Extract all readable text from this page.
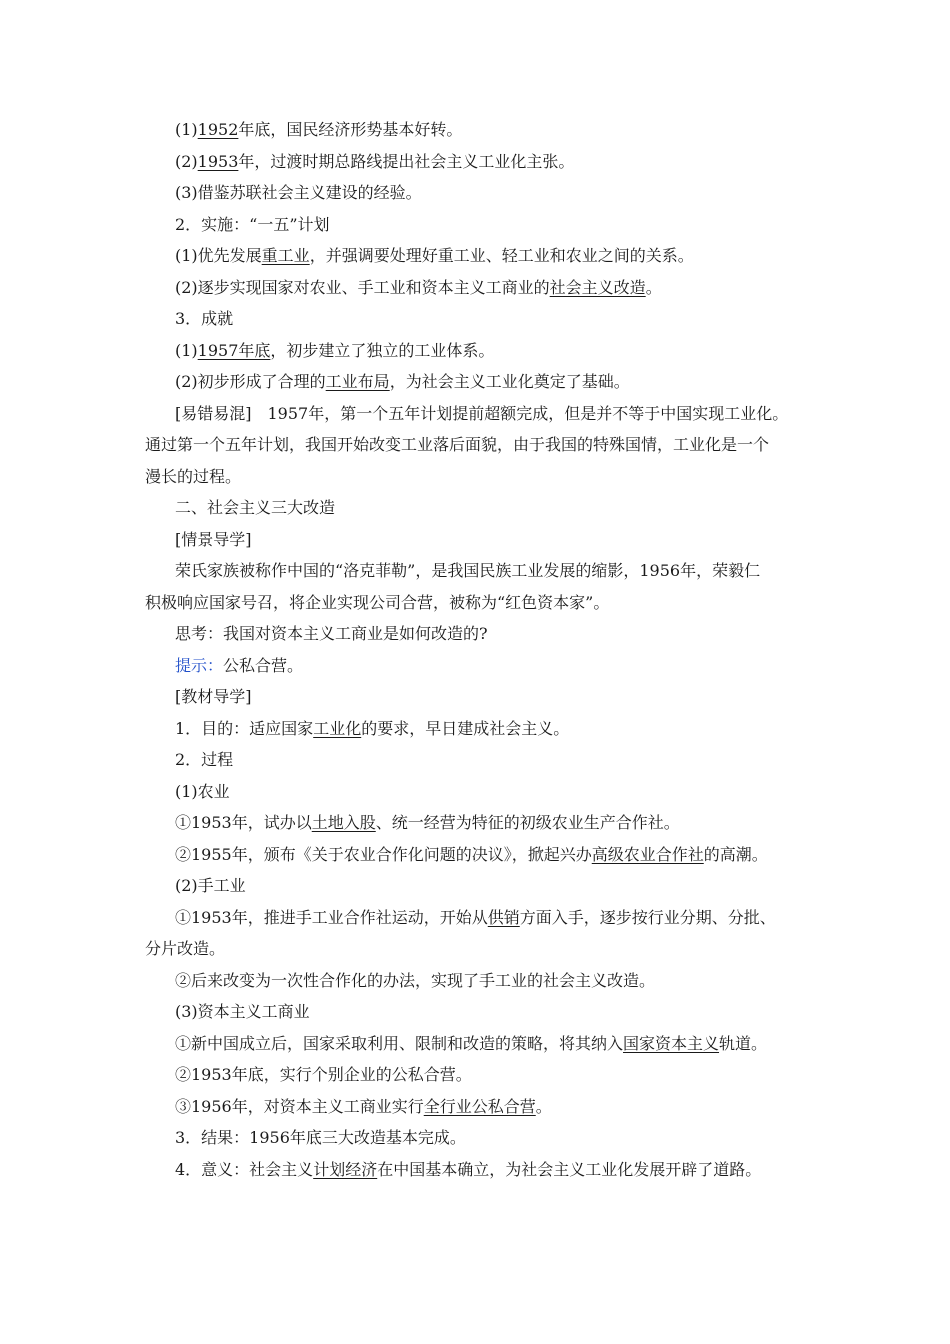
(1)1952年底，国民经济形势基本好转。
(2)1953年，过渡时期总路线提出社会主义工业化主张。
(3)借鉴苏联社会主义建设的经验。
2．实施：“一五”计划
(1)优先发展重工业，并强调要处理好重工业、轻工业和农业之间的关系。
(2)逐步实现国家对农业、手工业和资本主义工商业的社会主义改造。
3．成就
(1)1957年底，初步建立了独立的工业体系。
(2)初步形成了合理的工业布局，为社会主义工业化奠定了基础。
[易错易混]　1957年，第一个五年计划提前超额完成，但是并不等于中国实现工业化。
通过第一个五年计划，我国开始改变工业落后面貌，由于我国的特殊国情，工业化是一个
漫长的过程。
二、社会主义三大改造
[情景导学]
荣氏家族被称作中国的“洛克菲勒”，是我国民族工业发展的缩影，1956年，荣毅仁
积极响应国家号召，将企业实现公司合营，被称为“红色资本家”。
思考：我国对资本主义工商业是如何改造的?
提示：公私合营。
[教材导学]
1．目的：适应国家工业化的要求，早日建成社会主义。
2．过程
(1)农业
①1953年，试办以土地入股、统一经营为特征的初级农业生产合作社。
②1955年，颁布《关于农业合作化问题的决议》，掀起兴办高级农业合作社的高潮。
(2)手工业
①1953年，推进手工业合作社运动，开始从供销方面入手，逐步按行业分期、分批、
分片改造。
②后来改变为一次性合作化的办法，实现了手工业的社会主义改造。
(3)资本主义工商业
①新中国成立后，国家采取利用、限制和改造的策略，将其纳入国家资本主义轨道。
②1953年底，实行个别企业的公私合营。
③1956年，对资本主义工商业实行全行业公私合营。
3．结果：1956年底三大改造基本完成。
4．意义：社会主义计划经济在中国基本确立，为社会主义工业化发展开辟了道路。
